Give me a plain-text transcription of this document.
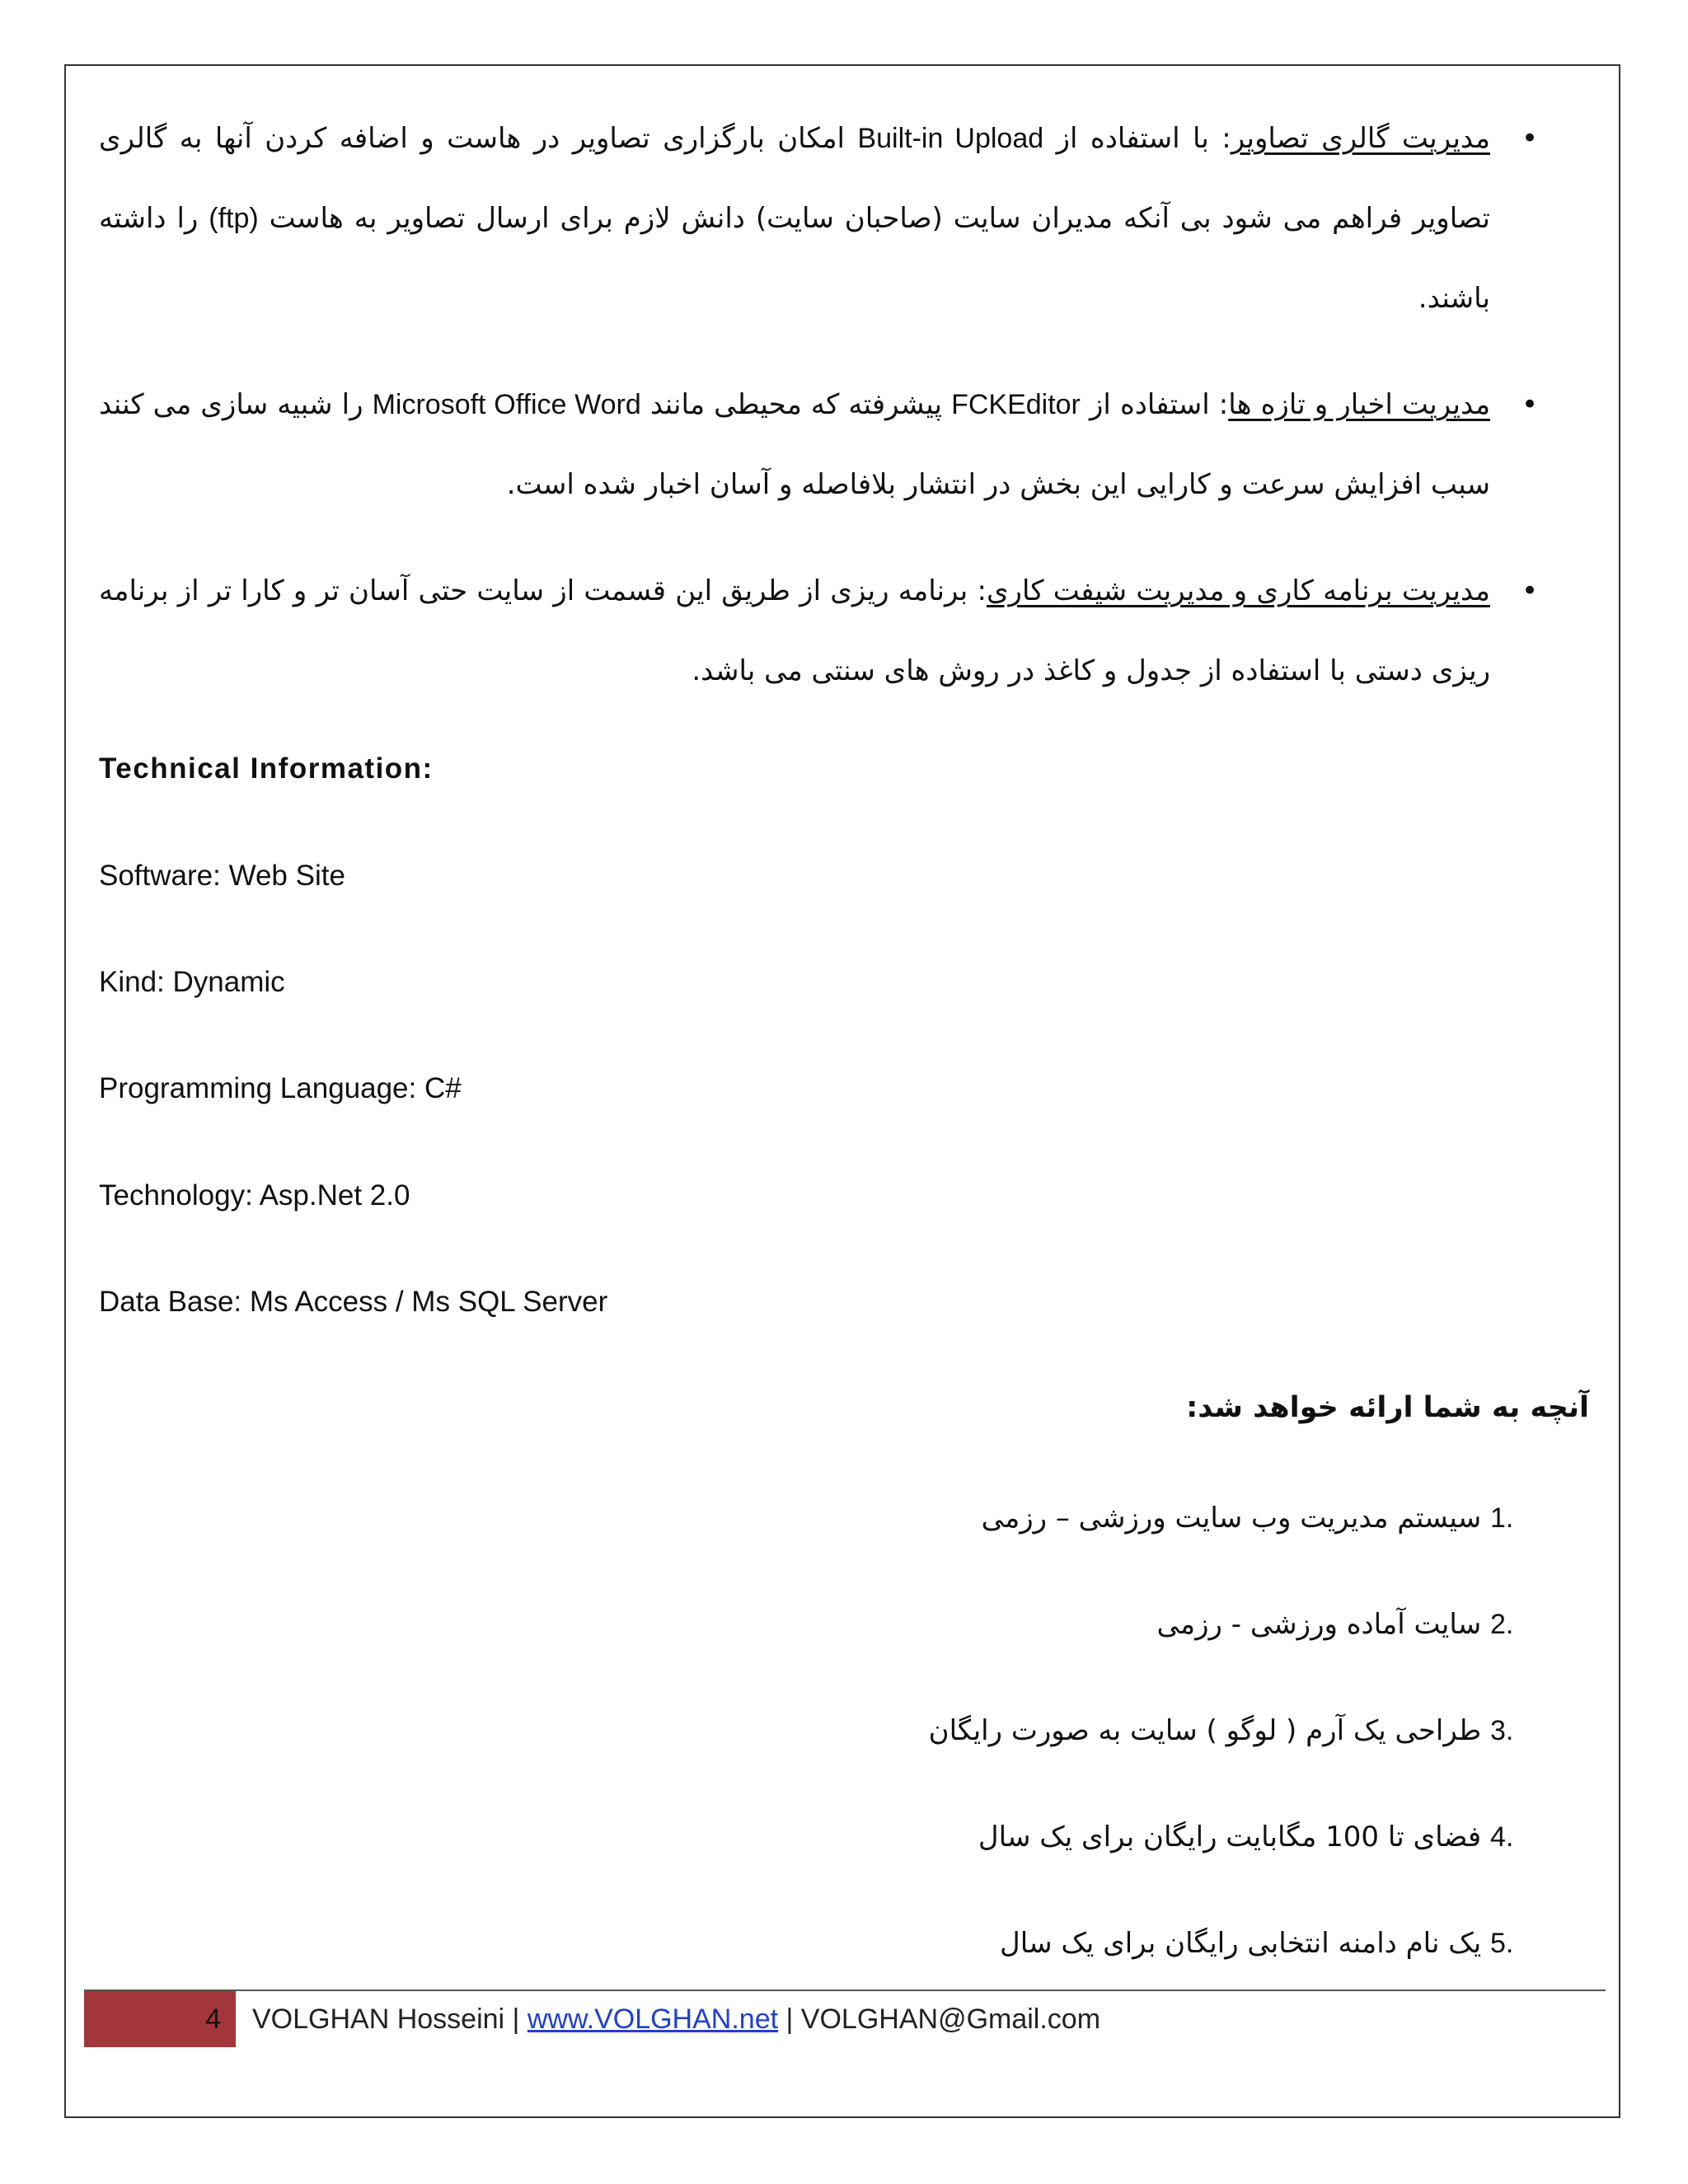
•
مدیریت گالری تصاویر: با استفاده از Built-in Upload امکان بارگزاری تصاویر در هاست و اضافه کردن آنها به گالری تصاویر فراهم می شود بی آنکه مدیران سایت (صاحبان سایت) دانش لازم برای ارسال تصاویر به هاست (ftp) را داشته باشند.
•
مدیریت اخبار و تازه ها: استفاده از FCKEditor پیشرفته که محیطی مانند Microsoft Office Word را شبیه سازی می کنند سبب افزایش سرعت و کارایی این بخش در انتشار بلافاصله و آسان اخبار شده است.
•
مدیریت برنامه کاری و مدیریت شیفت کاری: برنامه ریزی از طریق این قسمت از سایت حتی آسان تر و کارا تر از برنامه ریزی دستی با استفاده از جدول و کاغذ در روش های سنتی می باشد.

Technical Information:

Software: Web Site

Kind: Dynamic

Programming Language: C#

Technology: Asp.Net 2.0

Data Base: Ms Access / Ms SQL Server

آنچه به شما ارائه خواهد شد:

1. سیستم مدیریت وب سایت ورزشی – رزمی
2. سایت آماده ورزشی - رزمی
3. طراحی یک آرم ( لوگو ) سایت به صورت رایگان
4. فضای تا 100 مگابایت رایگان برای یک سال
5. یک نام دامنه انتخابی رایگان برای یک سال
4	VOLGHAN Hosseini | www.VOLGHAN.net | VOLGHAN@Gmail.com
